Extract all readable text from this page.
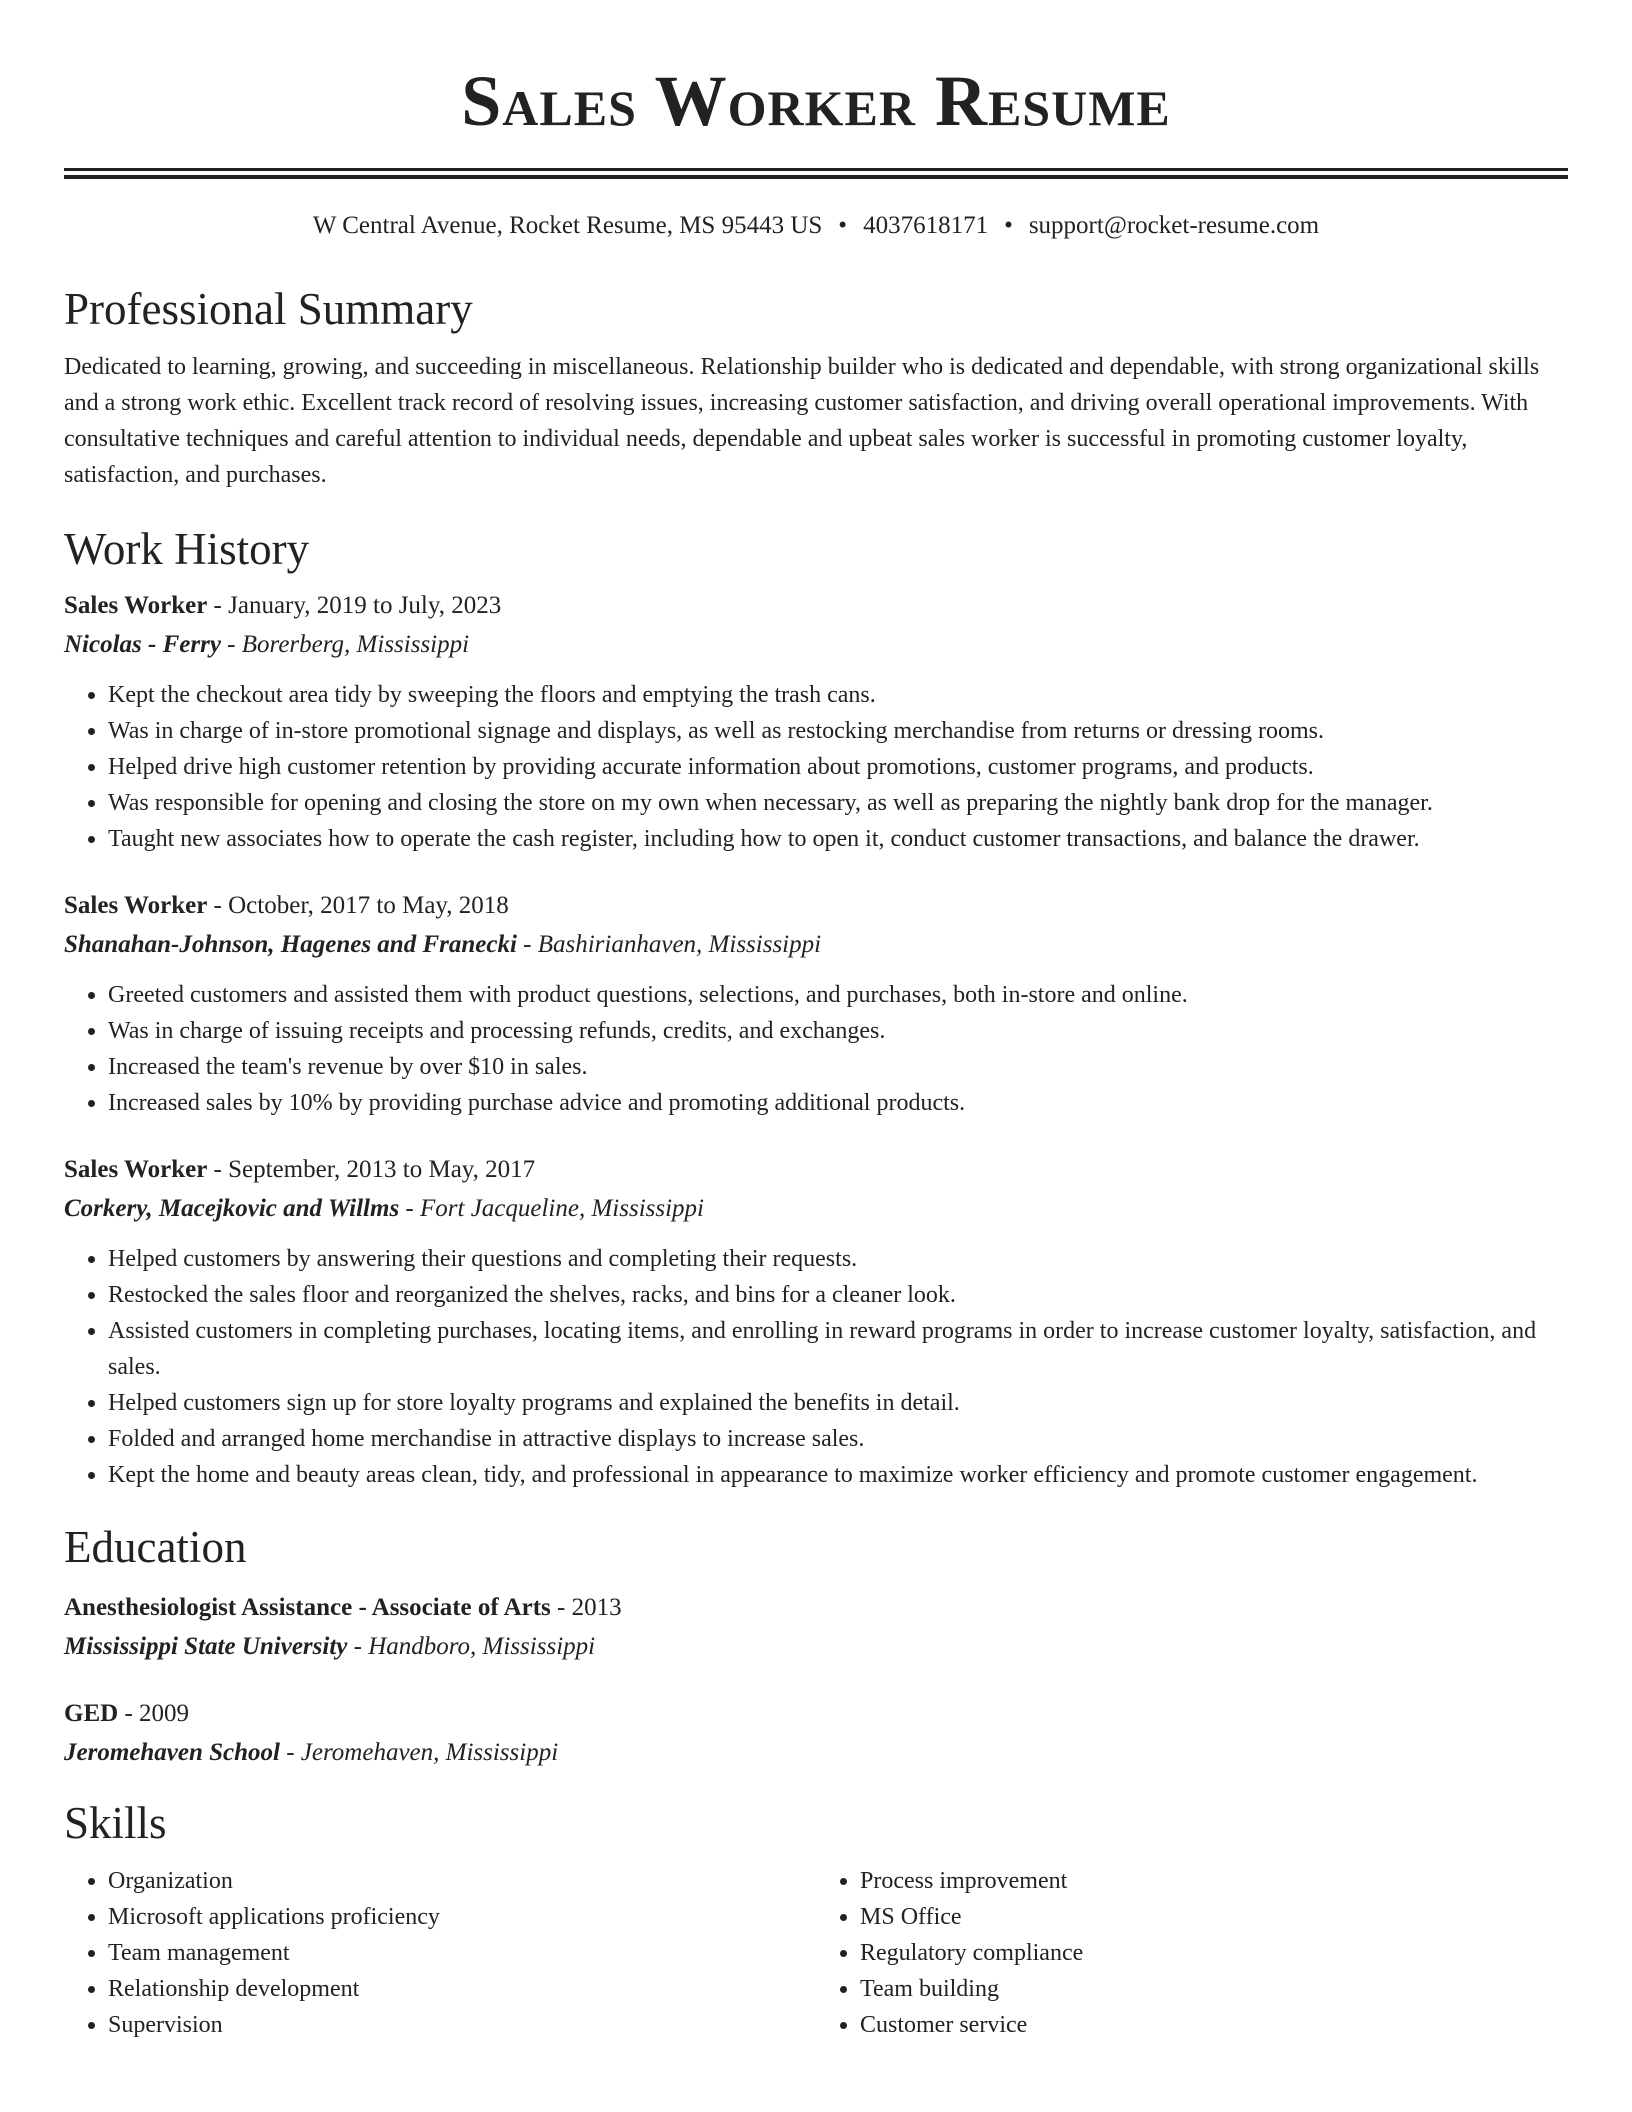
Sales Worker Resume
W Central Avenue, Rocket Resume, MS 95443 US • 4037618171 • support@rocket-resume.com
Professional Summary

Dedicated to learning, growing, and succeeding in miscellaneous. Relationship builder who is dedicated and dependable, with strong organizational skills and a strong work ethic. Excellent track record of resolving issues, increasing customer satisfaction, and driving overall operational improvements. With consultative techniques and careful attention to individual needs, dependable and upbeat sales worker is successful in promoting customer loyalty, satisfaction, and purchases.

Work History
Sales Worker - January, 2019 to July, 2023
Nicolas - Ferry - Borerberg, Mississippi
• Kept the checkout area tidy by sweeping the floors and emptying the trash cans.
• Was in charge of in-store promotional signage and displays, as well as restocking merchandise from returns or dressing rooms.
• Helped drive high customer retention by providing accurate information about promotions, customer programs, and products.
• Was responsible for opening and closing the store on my own when necessary, as well as preparing the nightly bank drop for the manager.
• Taught new associates how to operate the cash register, including how to open it, conduct customer transactions, and balance the drawer.
Sales Worker - October, 2017 to May, 2018
Shanahan-Johnson, Hagenes and Franecki - Bashirianhaven, Mississippi
• Greeted customers and assisted them with product questions, selections, and purchases, both in-store and online.
• Was in charge of issuing receipts and processing refunds, credits, and exchanges.
• Increased the team's revenue by over $10 in sales.
• Increased sales by 10% by providing purchase advice and promoting additional products.
Sales Worker - September, 2013 to May, 2017
Corkery, Macejkovic and Willms - Fort Jacqueline, Mississippi
• Helped customers by answering their questions and completing their requests.
• Restocked the sales floor and reorganized the shelves, racks, and bins for a cleaner look.
• Assisted customers in completing purchases, locating items, and enrolling in reward programs in order to increase customer loyalty, satisfaction, and sales.
• Helped customers sign up for store loyalty programs and explained the benefits in detail.
• Folded and arranged home merchandise in attractive displays to increase sales.
• Kept the home and beauty areas clean, tidy, and professional in appearance to maximize worker efficiency and promote customer engagement.
Education
Anesthesiologist Assistance - Associate of Arts - 2013
Mississippi State University - Handboro, Mississippi
GED - 2009
Jeromehaven School - Jeromehaven, Mississippi
Skills
• Organization
• Microsoft applications proficiency
• Team management
• Relationship development
• Supervision
• Process improvement
• MS Office
• Regulatory compliance
• Team building
• Customer service
